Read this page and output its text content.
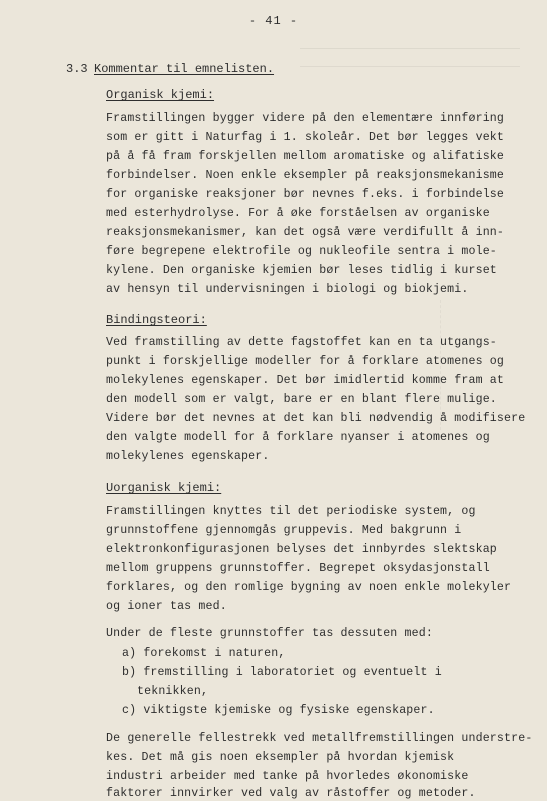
- 41 -
3.3 Kommentar til emnelisten.
Organisk kjemi:
Framstillingen bygger videre på den elementære innføring
som er gitt i Naturfag i 1. skoleår. Det bør legges vekt
på å få fram forskjellen mellom aromatiske og alifatiske
forbindelser. Noen enkle eksempler på reaksjonsmekanisme
for organiske reaksjoner bør nevnes f.eks. i forbindelse
med esterhydrolyse. For å øke forståelsen av organiske
reaksjonsmekanismer, kan det også være verdifullt å inn-
føre begrepene elektrofile og nukleofile sentra i mole-
kylene. Den organiske kjemien bør leses tidlig i kurset
av hensyn til undervisningen i biologi og biokjemi.
Bindingsteori:
Ved framstilling av dette fagstoffet kan en ta utgangs-
punkt i forskjellige modeller for å forklare atomenes og
molekylenes egenskaper. Det bør imidlertid komme fram at
den modell som er valgt, bare er en blant flere mulige.
Videre bør det nevnes at det kan bli nødvendig å modifisere
den valgte modell for å forklare nyanser i atomenes og
molekylenes egenskaper.
Uorganisk kjemi:
Framstillingen knyttes til det periodiske system, og
grunnstoffene gjennomgås gruppevis. Med bakgrunn i
elektronkonfigurasjonen belyses det innbyrdes slektskap
mellom gruppens grunnstoffer. Begrepet oksydasjonstall
forklares, og den romlige bygning av noen enkle molekyler
og ioner tas med.
Under de fleste grunnstoffer tas dessuten med:
a) forekomst i naturen,
b) fremstilling i laboratoriet og eventuelt i
teknikken,
c) viktigste kjemiske og fysiske egenskaper.
De generelle fellestrekk ved metallfremstillingen understre-
kes. Det må gis noen eksempler på hvordan kjemisk
industri arbeider med tanke på hvorledes økonomiske
faktorer innvirker ved valg av råstoffer og metoder.
